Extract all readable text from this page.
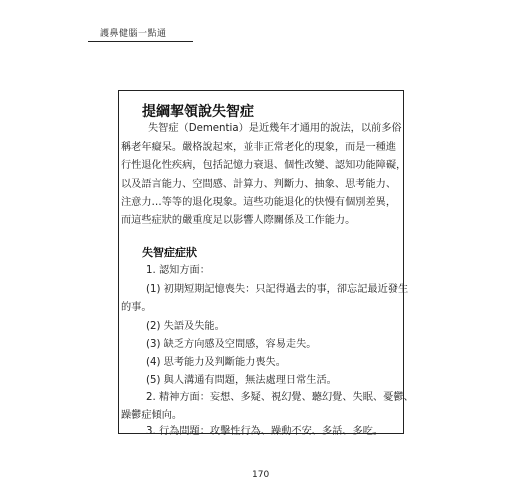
護鼻健腦一點通
提綱挈領說失智症
失智症（Dementia）是近幾年才通用的說法，以前多俗
稱老年癡呆。嚴格說起來，並非正常老化的現象，而是一種進
行性退化性疾病，包括記憶力衰退、個性改變、認知功能障礙，
以及語言能力、空間感、計算力、判斷力、抽象、思考能力、
注意力…等等的退化現象。這些功能退化的快慢有個別差異，
而這些症狀的嚴重度足以影響人際關係及工作能力。
失智症症狀
1. 認知方面：
(1) 初期短期記憶喪失：只記得過去的事，卻忘記最近發生
的事。
(2) 失語及失能。
(3) 缺乏方向感及空間感，容易走失。
(4) 思考能力及判斷能力喪失。
(5) 與人溝通有問題，無法處理日常生活。
2. 精神方面：妄想、多疑、視幻覺、聽幻覺、失眠、憂鬱、
躁鬱症傾向。
3. 行為問題：攻擊性行為、躁動不安、多話、多吃。
170
